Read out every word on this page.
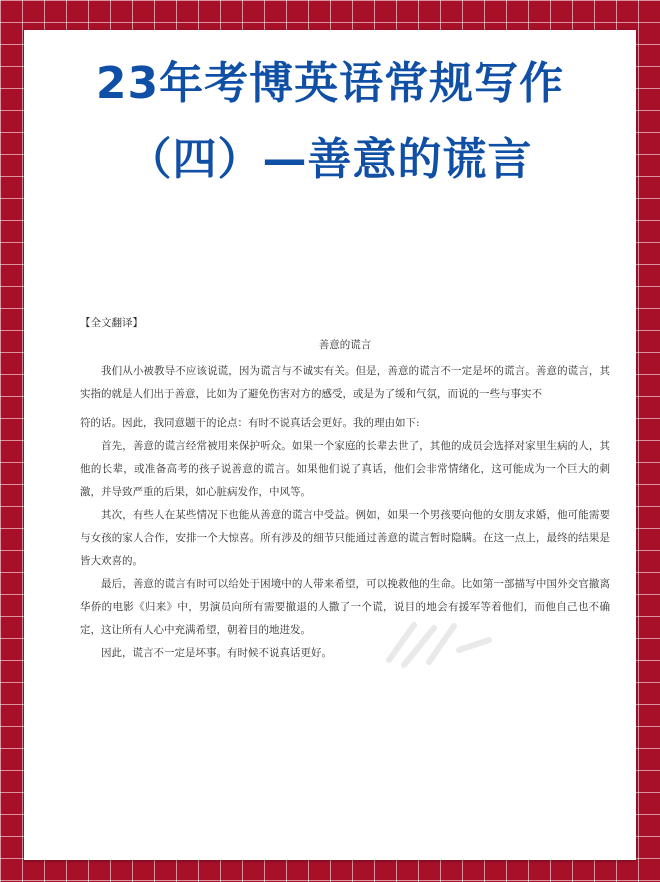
23年考博英语常规写作
（四）—善意的谎言
【全文翻译】
善意的谎言

我们从小被教导不应该说谎，因为谎言与不诚实有关。但是，善意的谎言不一定是坏的谎言。善意的谎言，其实指的就是人们出于善意，比如为了避免伤害对方的感受，或是为了缓和气氛，而说的一些与事实不

符的话。因此，我同意题干的论点：有时不说真话会更好。我的理由如下:

首先，善意的谎言经常被用来保护听众。如果一个家庭的长辈去世了，其他的成员会选择对家里生病的人，其他的长辈，或准备高考的孩子说善意的谎言。如果他们说了真话，他们会非常情绪化，这可能成为一个巨大的刺激，并导致严重的后果，如心脏病发作，中风等。

其次，有些人在某些情况下也能从善意的谎言中受益。例如，如果一个男孩要向他的女朋友求婚，他可能需要与女孩的家人合作，安排一个大惊喜。所有涉及的细节只能通过善意的谎言暂时隐瞒。在这一点上，最终的结果是皆大欢喜的。

最后，善意的谎言有时可以给处于困境中的人带来希望，可以挽救他的生命。比如第一部描写中国外交官撤离华侨的电影《归来》中，男演员向所有需要撤退的人撒了一个谎，说目的地会有援军等着他们，而他自己也不确定，这让所有人心中充满希望，朝着目的地进发。

因此，谎言不一定是坏事。有时候不说真话更好。
